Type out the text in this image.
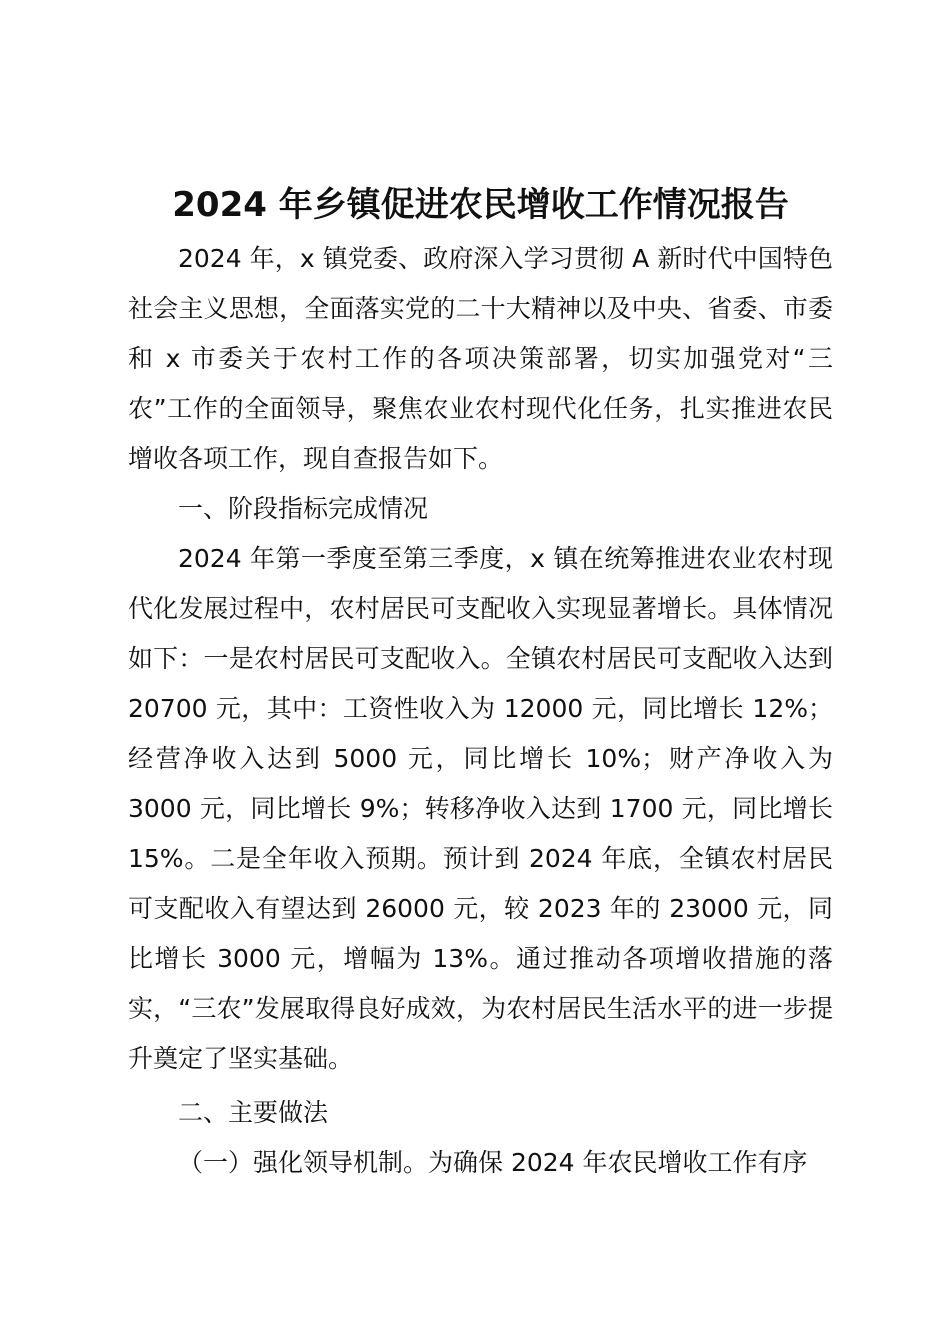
2024 年乡镇促进农民增收工作情况报告

2024 年，x 镇党委、政府深入学习贯彻 A 新时代中国特色社会主义思想，全面落实党的二十大精神以及中央、省委、市委和 x 市委关于农村工作的各项决策部署，切实加强党对“三农”工作的全面领导，聚焦农业农村现代化任务，扎实推进农民增收各项工作，现自查报告如下。

一、阶段指标完成情况

2024 年第一季度至第三季度，x 镇在统筹推进农业农村现代化发展过程中，农村居民可支配收入实现显著增长。具体情况如下：一是农村居民可支配收入。全镇农村居民可支配收入达到 20700 元，其中：工资性收入为 12000 元，同比增长 12%；经营净收入达到 5000 元，同比增长 10%；财产净收入为 3000 元，同比增长 9%；转移净收入达到 1700 元，同比增长 15%。二是全年收入预期。预计到 2024 年底，全镇农村居民可支配收入有望达到 26000 元，较 2023 年的 23000 元，同比增长 3000 元，增幅为 13%。通过推动各项增收措施的落实，“三农”发展取得良好成效，为农村居民生活水平的进一步提升奠定了坚实基础。

二、主要做法

（一）强化领导机制。为确保 2024 年农民增收工作有序
